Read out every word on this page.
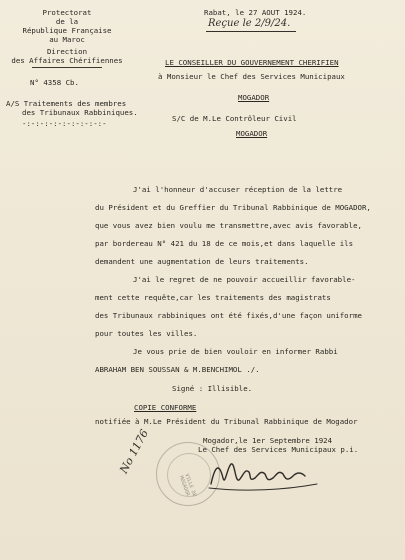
Protectorat
de la
République Française
au Maroc
Direction
des Affaires Chérifiennes
N° 4358 Cb.
A/S Traitements des membres
des Tribunaux Rabbiniques.
-:-:-:-:-:-:-:-:-:-
Rabat, le 27 AOUT 1924.
Reçue le 2/9/24.
LE CONSEILLER DU GOUVERNEMENT CHERIFIEN
à Monsieur le Chef des Services Municipaux
MOGADOR
S/C de M.Le Contrôleur Civil
MOGADOR
J'ai l'honneur d'accuser réception de la lettre
du Président et du Greffier du Tribunal Rabbinique de MOGADOR,
que vous avez bien voulu me transmettre,avec avis favorable,
par bordereau N° 421 du 18 de ce mois,et dans laquelle ils
demandent une augmentation de leurs traitements.
J'ai le regret de ne pouvoir accueillir favorable-
ment cette requête,car les traitements des magistrats
des Tribunaux rabbiniques ont été fixés,d'une façon uniforme
pour toutes les villes.
Je vous prie de bien vouloir en informer Rabbi
ABRAHAM BEN SOUSSAN & M.BENCHIMOL ./.
Signé : Illisible.
COPIE CONFORME
notifiée à M.Le Président du Tribunal Rabbinique de Mogador
Mogador,le 1er Septembre 1924
Le Chef des Services Municipaux p.i.
No 1176
VILLE DE MOGADOR
